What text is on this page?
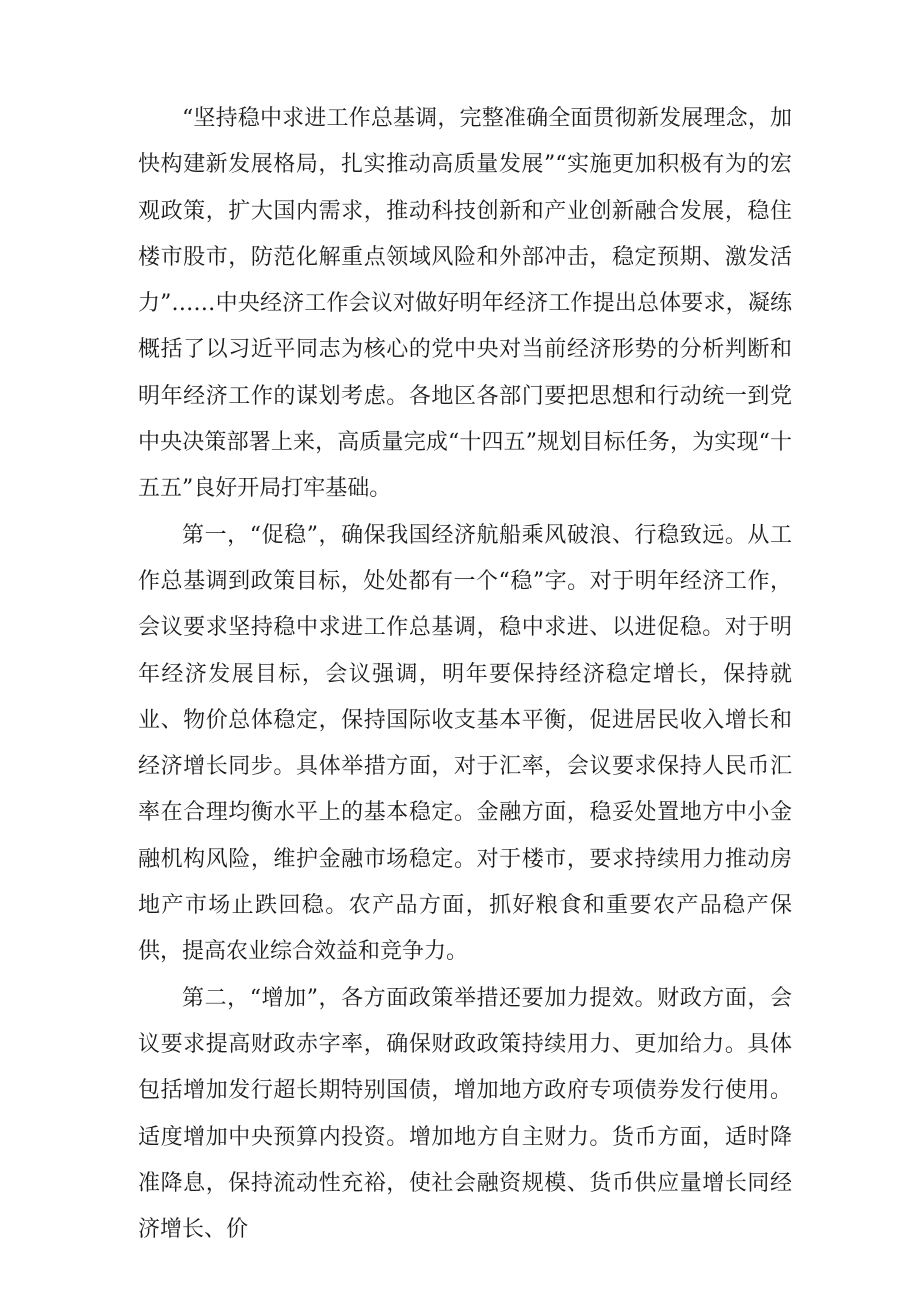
“坚持稳中求进工作总基调，完整准确全面贯彻新发展理念，加快构建新发展格局，扎实推动高质量发展”“实施更加积极有为的宏观政策，扩大国内需求，推动科技创新和产业创新融合发展，稳住楼市股市，防范化解重点领域风险和外部冲击，稳定预期、激发活力”……中央经济工作会议对做好明年经济工作提出总体要求，凝练概括了以习近平同志为核心的党中央对当前经济形势的分析判断和明年经济工作的谋划考虑。各地区各部门要把思想和行动统一到党中央决策部署上来，高质量完成“十四五”规划目标任务，为实现“十五五”良好开局打牢基础。

第一，“促稳”，确保我国经济航船乘风破浪、行稳致远。从工作总基调到政策目标，处处都有一个“稳”字。对于明年经济工作，会议要求坚持稳中求进工作总基调，稳中求进、以进促稳。对于明年经济发展目标，会议强调，明年要保持经济稳定增长，保持就业、物价总体稳定，保持国际收支基本平衡，促进居民收入增长和经济增长同步。具体举措方面，对于汇率，会议要求保持人民币汇率在合理均衡水平上的基本稳定。金融方面，稳妥处置地方中小金融机构风险，维护金融市场稳定。对于楼市，要求持续用力推动房地产市场止跌回稳。农产品方面，抓好粮食和重要农产品稳产保供，提高农业综合效益和竞争力。

第二，“增加”，各方面政策举措还要加力提效。财政方面，会议要求提高财政赤字率，确保财政政策持续用力、更加给力。具体包括增加发行超长期特别国债，增加地方政府专项债券发行使用。适度增加中央预算内投资。增加地方自主财力。货币方面，适时降准降息，保持流动性充裕，使社会融资规模、货币供应量增长同经济增长、价
